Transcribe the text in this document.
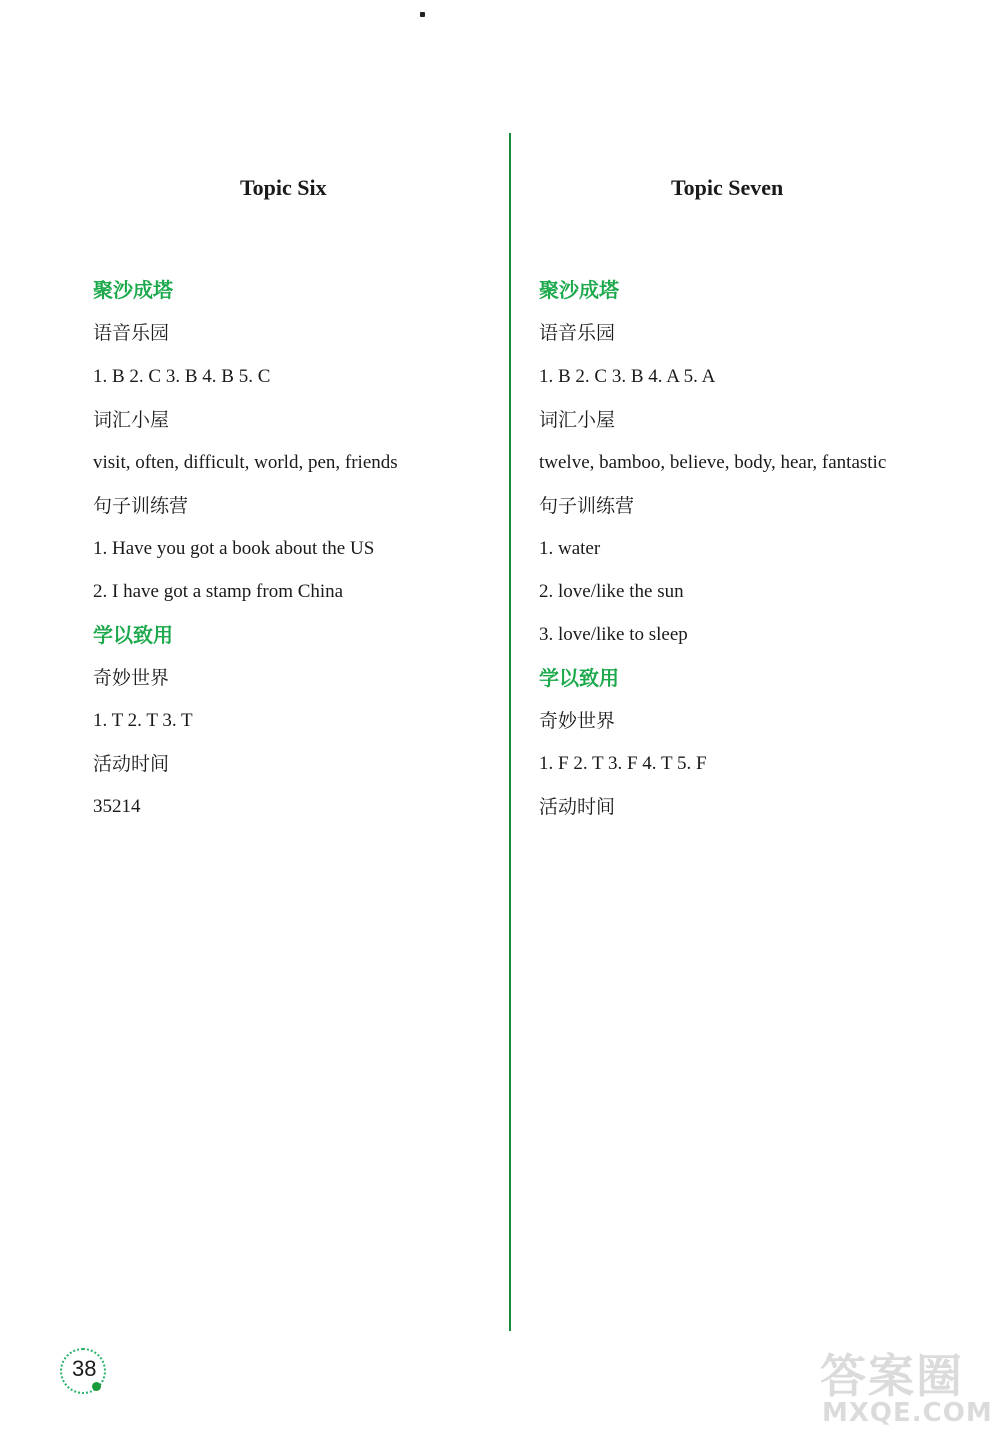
Topic Six
聚沙成塔
语音乐园
1. B 2. C 3. B 4. B 5. C
词汇小屋
visit, often, difficult, world, pen, friends
句子训练营
1. Have you got a book about the US
2. I have got a stamp from China
学以致用
奇妙世界
1. T 2. T 3. T
活动时间
35214
Topic Seven
聚沙成塔
语音乐园
1. B 2. C 3. B 4. A 5. A
词汇小屋
twelve, bamboo, believe, body, hear, fantastic
句子训练营
1. water
2. love/like the sun
3. love/like to sleep
学以致用
奇妙世界
1. F 2. T 3. F 4. T 5. F
活动时间
38	答案圈
MXQE.COM
